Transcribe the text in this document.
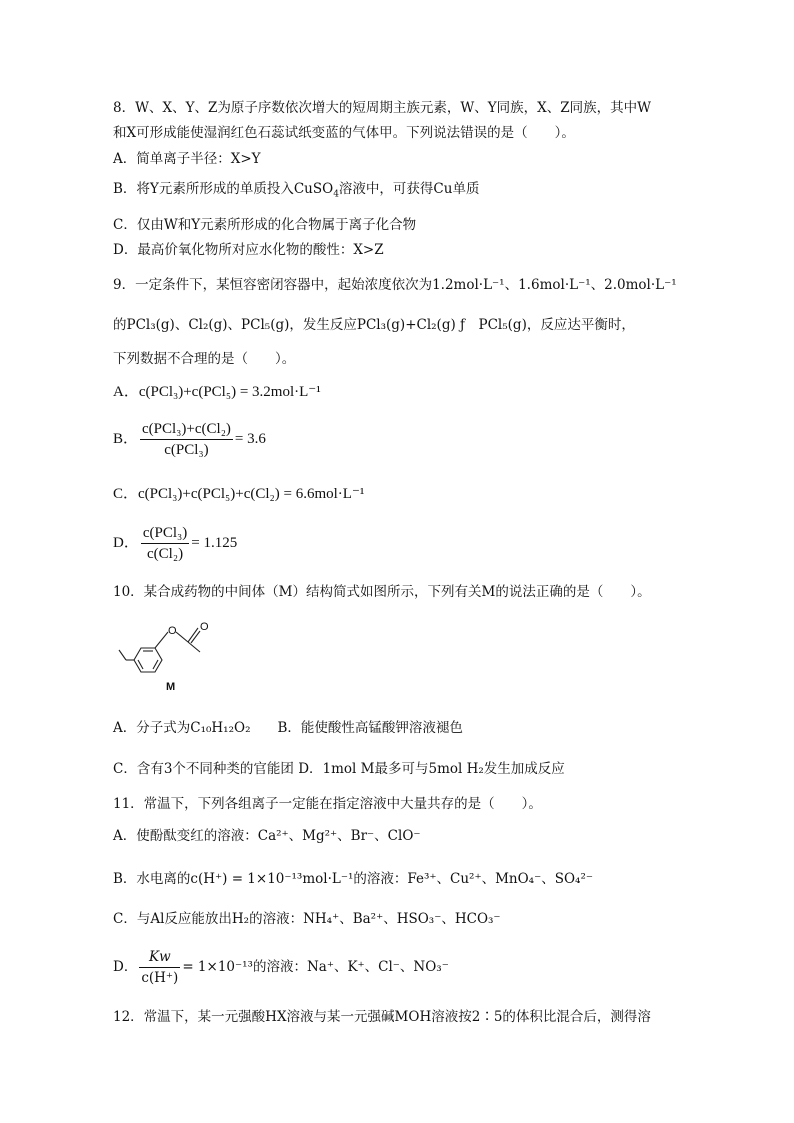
8．W、X、Y、Z为原子序数依次增大的短周期主族元素，W、Y同族，X、Z同族，其中W
和X可形成能使湿润红色石蕊试纸变蓝的气体甲。下列说法错误的是（　　）。
A．简单离子半径：X>Y
B．将Y元素所形成的单质投入CuSO$_4$溶液中，可获得Cu单质
C．仅由W和Y元素所形成的化合物属于离子化合物
D．最高价氧化物所对应水化物的酸性：X>Z
9．一定条件下，某恒容密闭容器中，起始浓度依次为1.2mol·L⁻¹、1.6mol·L⁻¹、2.0mol·L⁻¹
的PCl₃(g)、Cl₂(g)、PCl₅(g)，发生反应PCl₃(g)+Cl₂(g) ƒ　PCl₅(g)，反应达平衡时，
下列数据不合理的是（　　）。
A．c(PCl₃)+c(PCl₅) = 3.2mol·L⁻¹
B． $\frac{\text{c(PCl₃)+c(Cl₂)}}{\text{c(PCl₃)}} = 3.6$
C．c(PCl₃)+c(PCl₅)+c(Cl₂) = 6.6mol·L⁻¹
D． $\frac{\text{c(PCl₃)}}{\text{c(Cl₂)}} = 1.125$
10．某合成药物的中间体（M）结构简式如图所示，下列有关M的说法正确的是（　　）。
O O
M
A．分子式为C₁₀H₁₂O₂　　B．能使酸性高锰酸钾溶液褪色
C．含有3个不同种类的官能团 D．1mol M最多可与5mol H₂发生加成反应
11．常温下，下列各组离子一定能在指定溶液中大量共存的是（　　）。
A．使酚酞变红的溶液：Ca²⁺、Mg²⁺、Br⁻、ClO⁻
B．水电离的c(H⁺) = 1×10⁻¹³mol·L⁻¹的溶液：Fe³⁺、Cu²⁺、MnO₄⁻、SO₄²⁻
C．与Al反应能放出H₂的溶液：NH₄⁺、Ba²⁺、HSO₃⁻、HCO₃⁻
D． $\frac{Kw}{c(H^+)} = 1\times 10^{-13}$的溶液：Na⁺、K⁺、Cl⁻、NO₃⁻
12．常温下，某一元强酸HX溶液与某一元强碱MOH溶液按2∶5的体积比混合后，测得溶
